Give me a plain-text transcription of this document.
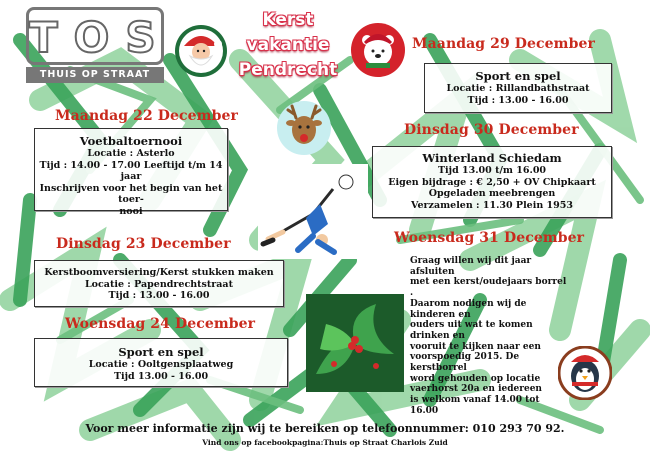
TOS
THUIS OP STRAAT
Kerst
vakantie
Pendrecht
Maandag 22 December
Voetbaltoernooi
Locatie : Asterlo
Tijd : 14.00 - 17.00 Leeftijd t/m 14 jaar
Inschrijven voor het begin van het toer-
nooi
Dinsdag 23 December
Kerstboomversiering/Kerst stukken maken
Locatie : Papendrechtstraat
Tijd : 13.00 - 16.00
Woensdag 24 December
Sport en spel
Locatie : Ooltgensplaatweg
Tijd 13.00 - 16.00
Maandag 29 December
Sport en spel
Locatie : Rillandbathstraat
Tijd : 13.00 - 16.00
Dinsdag 30 December
Winterland Schiedam
Tijd 13.00 t/m 16.00
Eigen bijdrage : € 2,50 + OV Chipkaart
Opgeladen meebrengen
Verzamelen : 11.30 Plein 1953
Woensdag 31 December
Graag willen wij dit jaar afsluiten
met een kerst/oudejaars borrel .
Daarom nodigen wij de kinderen en
ouders uit wat te komen drinken en
vooruit te kijken naar een
voorspoedig 2015. De kerstborrel
word gehouden op locatie
vaerhorst 20a en iedereen
is welkom vanaf 14.00 tot
16.00
Voor meer informatie zijn wij te bereiken op telefoonnummer: 010 293 70 92.
Vind ons op facebookpagina:Thuis op Straat Charlois Zuid
